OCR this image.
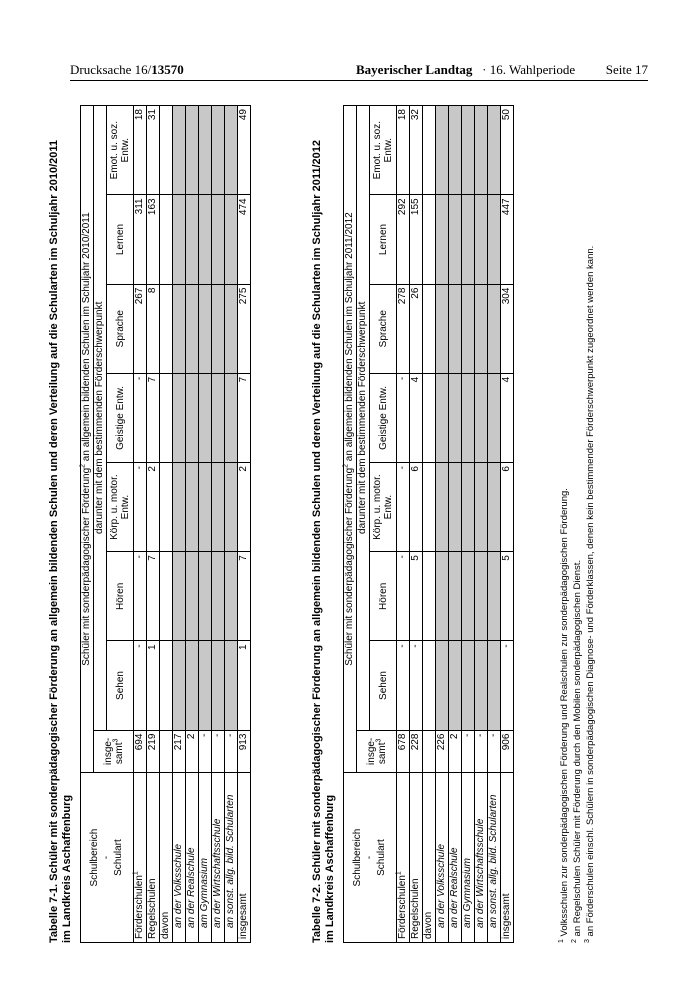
Drucksache 16/13570	Bayerischer Landtag · 16. Wahlperiode Seite 17
Tabelle 7-1. Schüler mit sonderpädagogischer Förderung an allgemein bildenden Schulen und deren Verteilung auf die Schularten im Schuljahr 2010/2011 im Landkreis Aschaffenburg Schulbereich - Schulart	Schüler mit sonderpädagogischer Förderung$^2$ an allgemein bildenden Schulen im Schuljahr 2010/2011							
	insge-samt$^3$	darunter mit dem bestimmenden Förderschwerpunkt						
		Sehen	Hören	Körp. u. motor. Entw.	Geistige Entw.	Sprache	Lernen	Emot. u. soz. Entw.
Förderschulen$^1$	694	-	-	-	-	267	311	18
Regelschulen	219	1	7	2	7	8	163	31
davon								
an der Volksschule	217							
an der Realschule	2							
am Gymnasium	-							
an der Wirtschaftsschule	-							
an sonst. allg. bild. Schularten	-							
insgesamt	913	1	7	2	7	275	474	49
Tabelle 7-2. Schüler mit sonderpädagogischer Förderung an allgemein bildenden Schulen und deren Verteilung auf die Schularten im Schuljahr 2011/2012 im Landkreis Aschaffenburg Schulbereich - Schulart	Schüler mit sonderpädagogischer Förderung$^2$ an allgemein bildenden Schulen im Schuljahr 2011/2012							
	insge-samt$^3$	darunter mit dem bestimmenden Förderschwerpunkt						
		Sehen	Hören	Körp. u. motor. Entw.	Geistige Entw.	Sprache	Lernen	Emot. u. soz. Entw.
Förderschulen$^1$	678	-	-	-	-	278	292	18
Regelschulen	228	-	5	6	4	26	155	32
davon								
an der Volksschule	226							
an der Realschule	2							
am Gymnasium	-							
an der Wirtschaftsschule	-							
an sonst. allg. bild. Schularten	-							
insgesamt	906	-	5	6	4	304	447	50
$^1$ Volksschulen zur sonderpädagogischen Förderung und Realschulen zur sonderpädagogischen Förderung.
$^2$ an Regelschulen Schüler mit Förderung durch den Mobilen sonderpädagogischen Dienst.
$^3$ an Förderschulen einschl. Schülern in sonderpädagogischen Diagnose- und Förderklassen, denen kein bestimmender Förderschwerpunkt zugeordnet werden kann.
